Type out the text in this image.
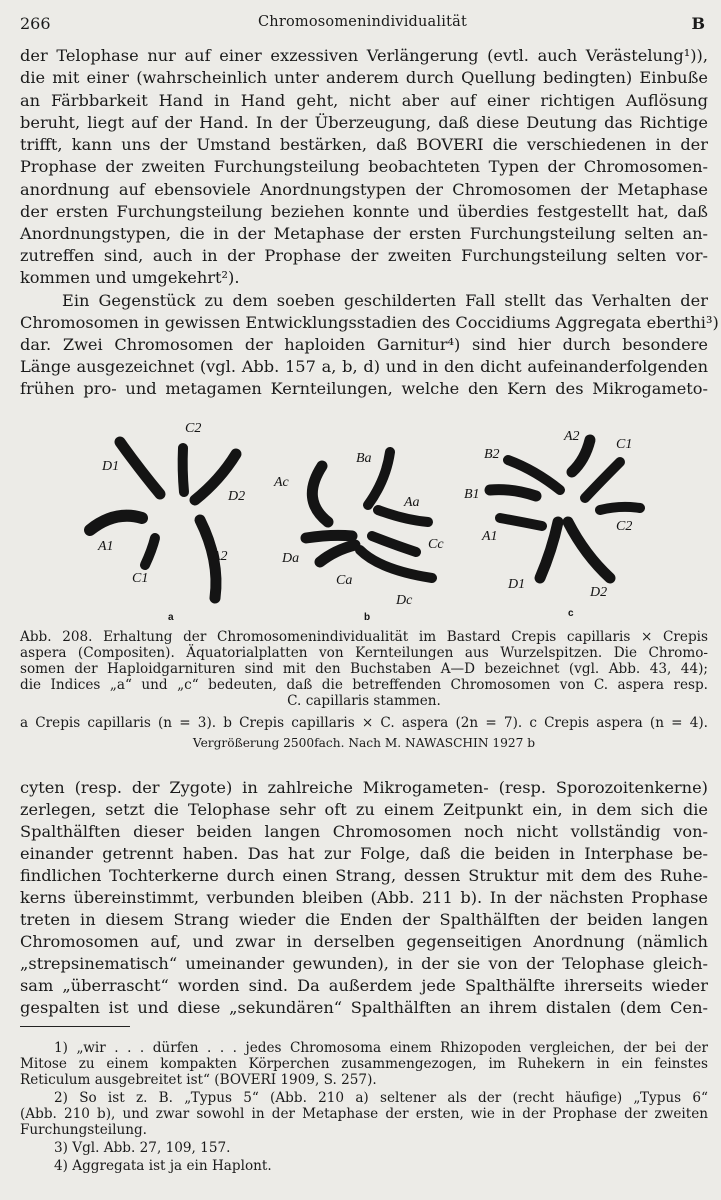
266	Chromosomenindividualität	B
der Telophase nur auf einer exzessiven Verlängerung (evtl. auch Verästelung¹)),
die mit einer (wahrscheinlich unter anderem durch Quellung bedingten) Einbuße
an Färbbarkeit Hand in Hand geht, nicht aber auf einer richtigen Auflösung
beruht, liegt auf der Hand. In der Überzeugung, daß diese Deutung das Richtige
trifft, kann uns der Umstand bestärken, daß BOVERI die verschiedenen in der
Prophase der zweiten Furchungsteilung beobachteten Typen der Chromosomen-
anordnung auf ebensoviele Anordnungstypen der Chromosomen der Metaphase
der ersten Furchungsteilung beziehen konnte und überdies festgestellt hat, daß
Anordnungstypen, die in der Metaphase der ersten Furchungsteilung selten an-
zutreffen sind, auch in der Prophase der zweiten Furchungsteilung selten vor-
kommen und umgekehrt²).
Ein Gegenstück zu dem soeben geschilderten Fall stellt das Verhalten der
Chromosomen in gewissen Entwicklungsstadien des Coccidiums Aggregata eberthi³)
dar. Zwei Chromosomen der haploiden Garnitur⁴) sind hier durch besondere
Länge ausgezeichnet (vgl. Abb. 157 a, b, d) und in den dicht aufeinanderfolgenden
frühen pro- und metagamen Kernteilungen, welche den Kern des Mikrogameto-
D1
C2
D2
A1
A2
C1
Ac
Ba
Aa
Da
Cc
Ca
Dc
B2
A2
C1
B1
C2
A1
D1
D2
a	b	c
Abb. 208. Erhaltung der Chromosomenindividualität im Bastard Crepis capillaris × Crepis
aspera (Compositen). Äquatorialplatten von Kernteilungen aus Wurzelspitzen. Die Chromo-
somen der Haploidgarnituren sind mit den Buchstaben A—D bezeichnet (vgl. Abb. 43, 44);
die Indices „a“ und „c“ bedeuten, daß die betreffenden Chromosomen von C. aspera resp.
C. capillaris stammen.
a Crepis capillaris (n = 3). b Crepis capillaris × C. aspera (2n = 7). c Crepis aspera (n = 4).
Vergrößerung 2500fach. Nach M. NAWASCHIN 1927 b
cyten (resp. der Zygote) in zahlreiche Mikrogameten- (resp. Sporozoitenkerne)
zerlegen, setzt die Telophase sehr oft zu einem Zeitpunkt ein, in dem sich die
Spalthälften dieser beiden langen Chromosomen noch nicht vollständig von-
einander getrennt haben. Das hat zur Folge, daß die beiden in Interphase be-
findlichen Tochterkerne durch einen Strang, dessen Struktur mit dem des Ruhe-
kerns übereinstimmt, verbunden bleiben (Abb. 211 b). In der nächsten Prophase
treten in diesem Strang wieder die Enden der Spalthälften der beiden langen
Chromosomen auf, und zwar in derselben gegenseitigen Anordnung (nämlich
„strepsinematisch“ umeinander gewunden), in der sie von der Telophase gleich-
sam „überrascht“ worden sind. Da außerdem jede Spalthälfte ihrerseits wieder
gespalten ist und diese „sekundären“ Spalthälften an ihrem distalen (dem Cen-
1) „wir . . . dürfen . . . jedes Chromosoma einem Rhizopoden vergleichen, der bei der
Mitose zu einem kompakten Körperchen zusammengezogen, im Ruhekern in ein feinstes
Reticulum ausgebreitet ist“ (BOVERI 1909, S. 257).
2) So ist z. B. „Typus 5“ (Abb. 210 a) seltener als der (recht häufige) „Typus 6“
(Abb. 210 b), und zwar sowohl in der Metaphase der ersten, wie in der Prophase der zweiten
Furchungsteilung.
3) Vgl. Abb. 27, 109, 157.
4) Aggregata ist ja ein Haplont.
